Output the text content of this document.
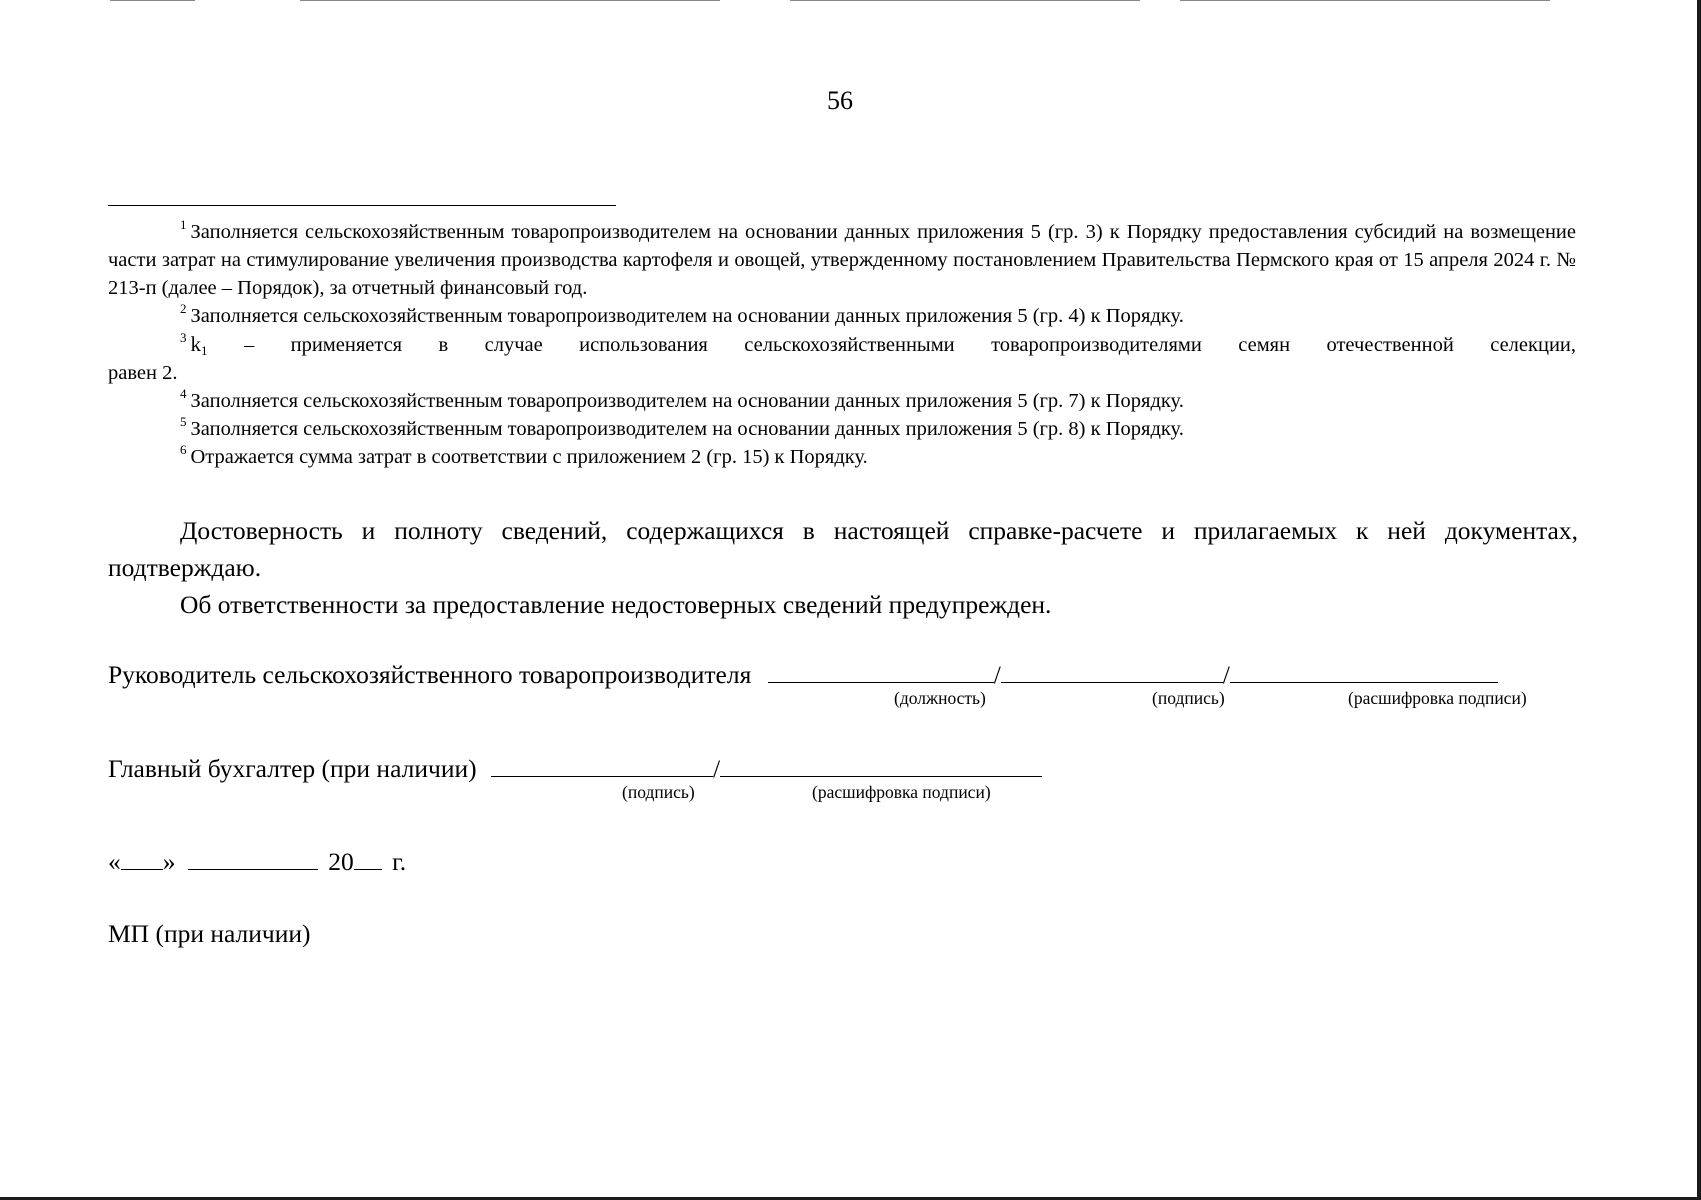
56

$^1$ Заполняется сельскохозяйственным товаропроизводителем на основании данных приложения 5 (гр. 3) к Порядку предоставления субсидий на возмещение части затрат на стимулирование увеличения производства картофеля и овощей, утвержденному постановлением Правительства Пермского края от 15 апреля 2024 г. № 213-п (далее – Порядок), за отчетный финансовый год.

$^2$ Заполняется сельскохозяйственным товаропроизводителем на основании данных приложения 5 (гр. 4) к Порядку.

$^3$ $k_1$ – применяется в случае использования сельскохозяйственными товаропроизводителями семян отечественной селекции,

равен 2.

$^4$ Заполняется сельскохозяйственным товаропроизводителем на основании данных приложения 5 (гр. 7) к Порядку.

$^5$ Заполняется сельскохозяйственным товаропроизводителем на основании данных приложения 5 (гр. 8) к Порядку.

$^6$ Отражается сумма затрат в соответствии с приложением 2 (гр. 15) к Порядку.

Достоверность и полноту сведений, содержащихся в настоящей справке-расчете и прилагаемых к ней документах, подтверждаю.

Об ответственности за предоставление недостоверных сведений предупрежден.

Руководитель сельскохозяйственного товаропроизводителя	/	/
(должность)	(подпись)	(расшифровка подписи)
Главный бухгалтер (при наличии)	/
(подпись)	(расшифровка подписи)
« »	20 г.
МП (при наличии)
